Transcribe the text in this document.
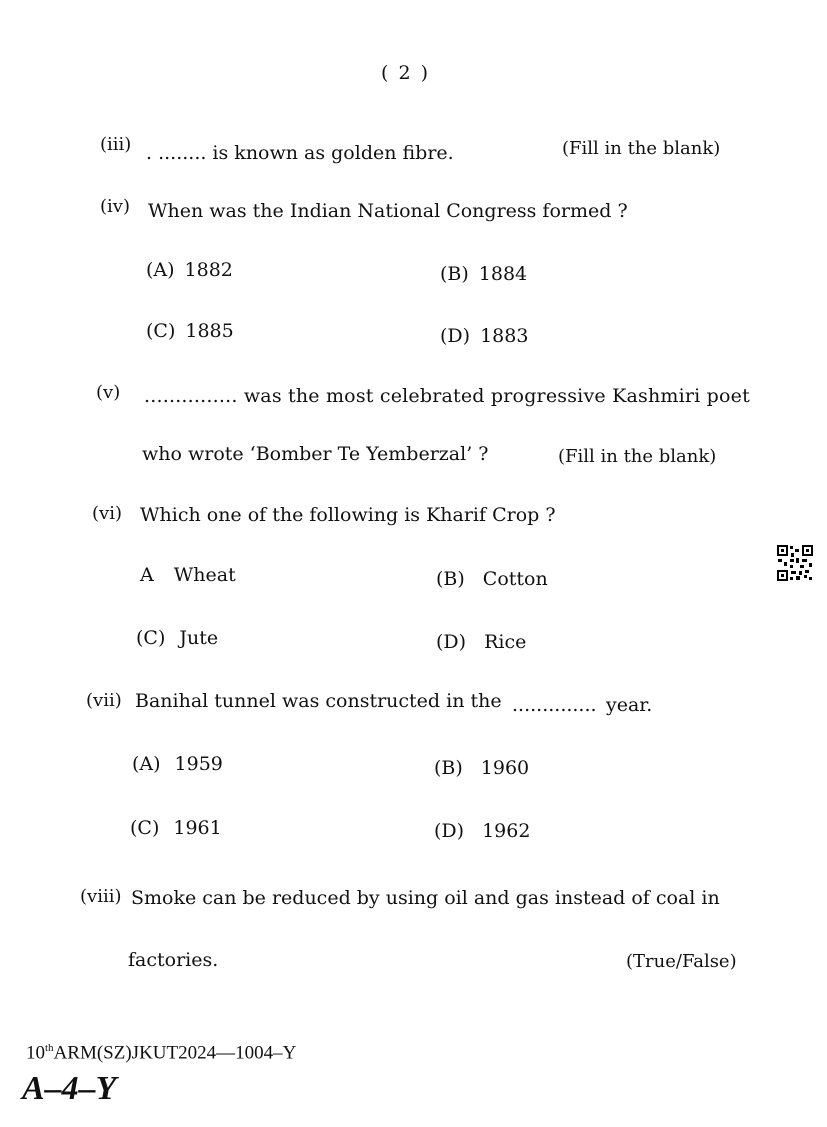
( 2 )
(iii) . ........ is known as golden fibre.	(Fill in the blank)
(iv) When was the Indian National Congress formed ?
(A) 1882	(B) 1884
(C) 1885	(D) 1883
(v) ............... was the most celebrated progressive Kashmiri poet
who wrote ‘Bomber Te Yemberzal’ ?	(Fill in the blank)
(vi) Which one of the following is Kharif Crop ?
A Wheat	(B) Cotton
(C) Jute	(D) Rice
(vii) Banihal tunnel was constructed in the .............. year.
(A) 1959	(B) 1960
(C) 1961	(D) 1962
(viii) Smoke can be reduced by using oil and gas instead of coal in
factories.	(True/False)
10thARM(SZ)JKUT2024—1004–Y
A–4–Y
